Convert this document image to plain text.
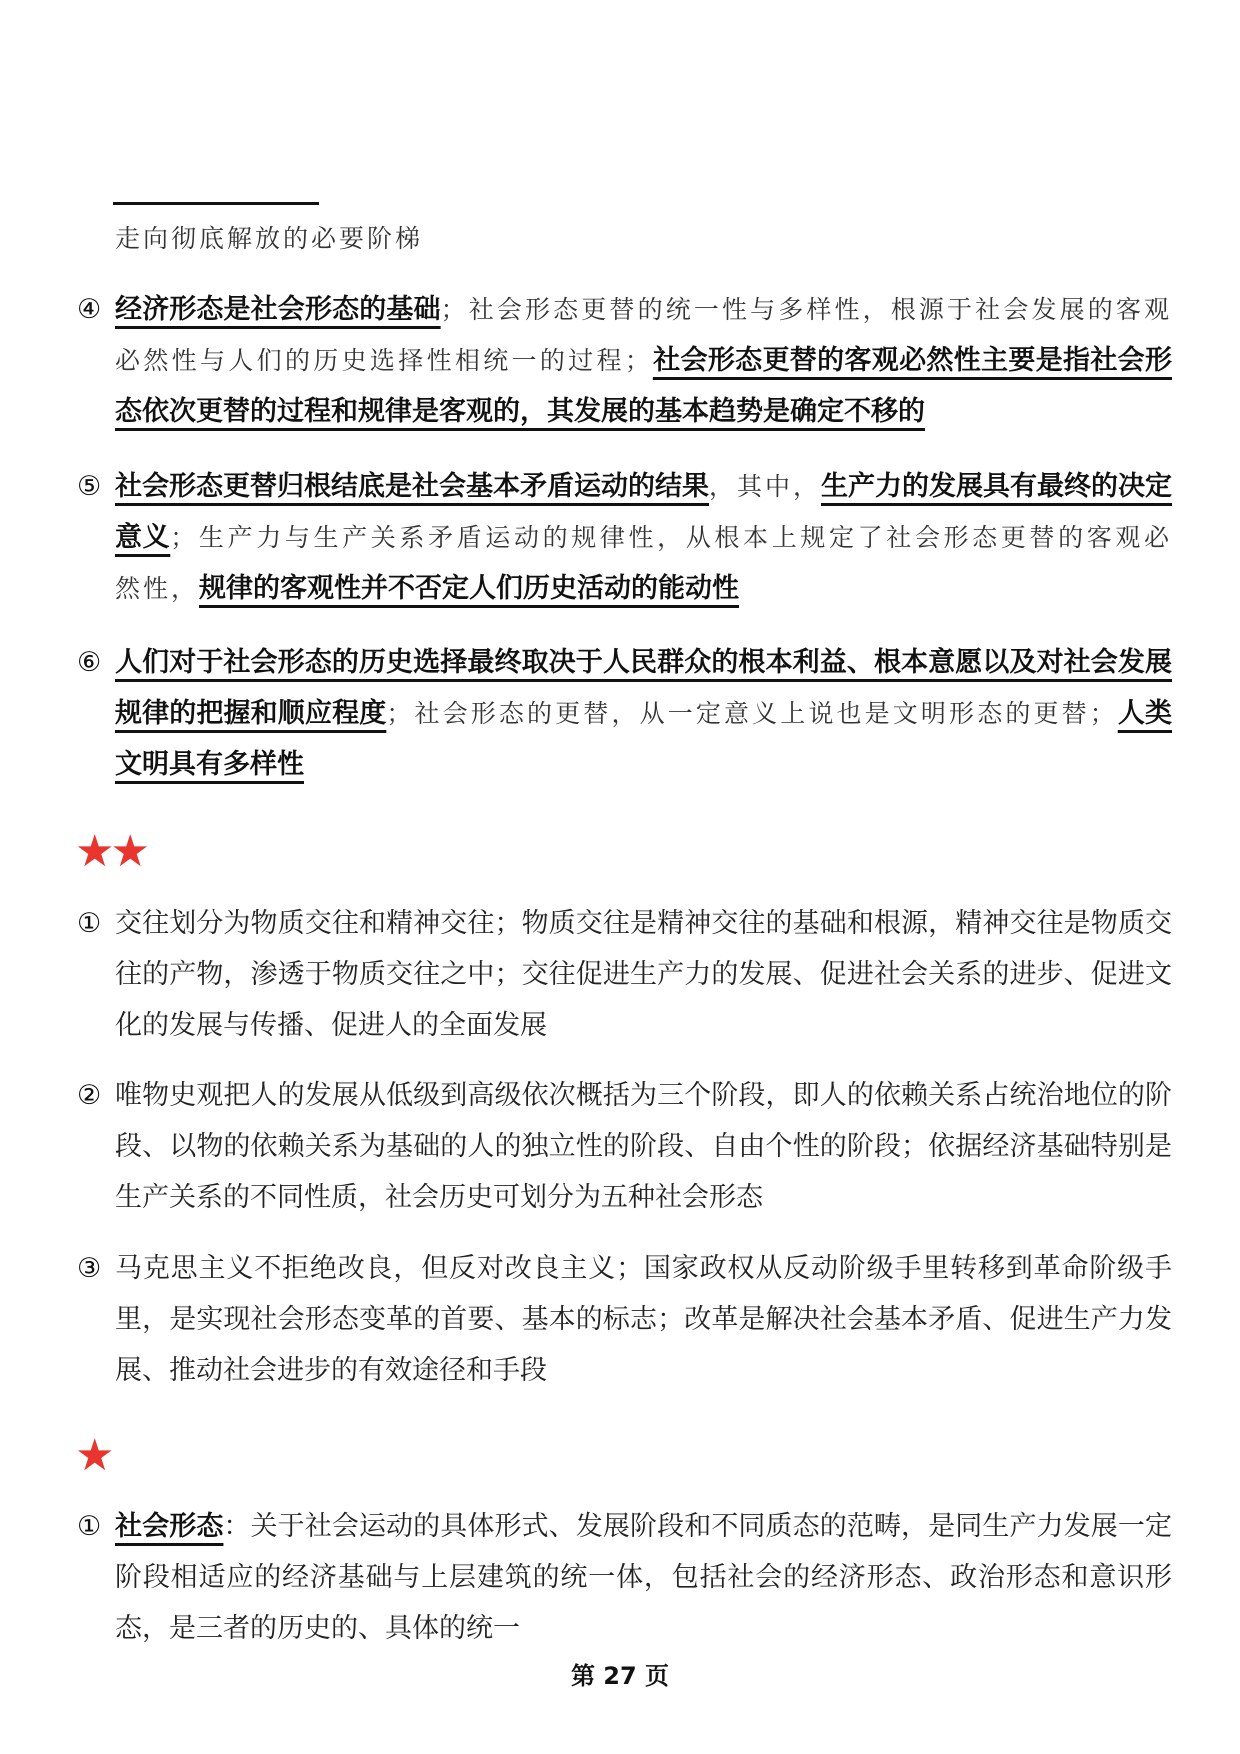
走向彻底解放的必要阶梯
④ 经济形态是社会形态的基础；社会形态更替的统一性与多样性，根源于社会发展的客观必然性与人们的历史选择性相统一的过程；社会形态更替的客观必然性主要是指社会形态依次更替的过程和规律是客观的，其发展的基本趋势是确定不移的
⑤ 社会形态更替归根结底是社会基本矛盾运动的结果，其中，生产力的发展具有最终的决定意义；生产力与生产关系矛盾运动的规律性，从根本上规定了社会形态更替的客观必然性，规律的客观性并不否定人们历史活动的能动性
⑥ 人们对于社会形态的历史选择最终取决于人民群众的根本利益、根本意愿以及对社会发展规律的把握和顺应程度；社会形态的更替，从一定意义上说也是文明形态的更替；人类文明具有多样性
★★
① 交往划分为物质交往和精神交往；物质交往是精神交往的基础和根源，精神交往是物质交往的产物，渗透于物质交往之中；交往促进生产力的发展、促进社会关系的进步、促进文化的发展与传播、促进人的全面发展
② 唯物史观把人的发展从低级到高级依次概括为三个阶段，即人的依赖关系占统治地位的阶段、以物的依赖关系为基础的人的独立性的阶段、自由个性的阶段；依据经济基础特别是生产关系的不同性质，社会历史可划分为五种社会形态
③ 马克思主义不拒绝改良，但反对改良主义；国家政权从反动阶级手里转移到革命阶级手里，是实现社会形态变革的首要、基本的标志；改革是解决社会基本矛盾、促进生产力发展、推动社会进步的有效途径和手段
★
① 社会形态：关于社会运动的具体形式、发展阶段和不同质态的范畴，是同生产力发展一定阶段相适应的经济基础与上层建筑的统一体，包括社会的经济形态、政治形态和意识形态，是三者的历史的、具体的统一
第 27 页
